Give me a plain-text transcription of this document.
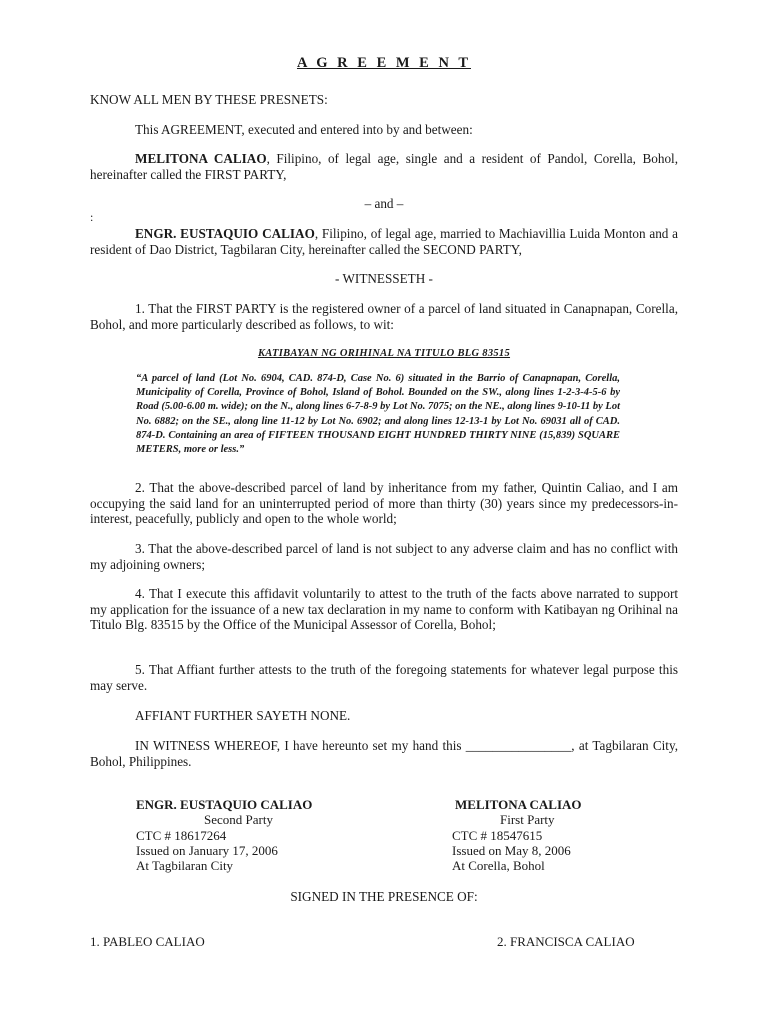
A G R E E M E N T
KNOW ALL MEN BY THESE PRESNETS:
This AGREEMENT, executed and entered into by and between:
MELITONA CALIAO, Filipino, of legal age, single and a resident of Pandol, Corella, Bohol, hereinafter called the FIRST PARTY,
– and –
:
ENGR. EUSTAQUIO CALIAO, Filipino, of legal age, married to Machiavillia Luida Monton and a resident of Dao District, Tagbilaran City, hereinafter called the SECOND PARTY,
- WITNESSETH -
1. That the FIRST PARTY is the registered owner of a parcel of land situated in Canapnapan, Corella, Bohol, and more particularly described as follows, to wit:
KATIBAYAN NG ORIHINAL NA TITULO BLG 83515
“A parcel of land (Lot No. 6904, CAD. 874-D, Case No. 6) situated in the Barrio of Canapnapan, Corella, Municipality of Corella, Province of Bohol, Island of Bohol. Bounded on the SW., along lines 1-2-3-4-5-6 by Road (5.00-6.00 m. wide); on the N., along lines 6-7-8-9 by Lot No. 7075; on the NE., along lines 9-10-11 by Lot No. 6882; on the SE., along line 11-12 by Lot No. 6902; and along lines 12-13-1 by Lot No. 69031 all of CAD. 874-D. Containing an area of FIFTEEN THOUSAND EIGHT HUNDRED THIRTY NINE (15,839) SQUARE METERS, more or less.”
2. That the above-described parcel of land by inheritance from my father, Quintin Caliao, and I am occupying the said land for an uninterrupted period of more than thirty (30) years since my predecessors-in-interest, peacefully, publicly and open to the whole world;
3. That the above-described parcel of land is not subject to any adverse claim and has no conflict with my adjoining owners;
4. That I execute this affidavit voluntarily to attest to the truth of the facts above narrated to support my application for the issuance of a new tax declaration in my name to conform with Katibayan ng Orihinal na Titulo Blg. 83515 by the Office of the Municipal Assessor of Corella, Bohol;
5. That Affiant further attests to the truth of the foregoing statements for whatever legal purpose this may serve.
AFFIANT FURTHER SAYETH NONE.
IN WITNESS WHEREOF, I have hereunto set my hand this ________________, at Tagbilaran City, Bohol, Philippines.
ENGR. EUSTAQUIO CALIAO
Second Party
CTC # 18617264
Issued on January 17, 2006
At Tagbilaran City
MELITONA CALIAO
First Party
CTC # 18547615
Issued on May 8, 2006
At Corella, Bohol
SIGNED IN THE PRESENCE OF:
1. PABLEO CALIAO	2. FRANCISCA CALIAO
